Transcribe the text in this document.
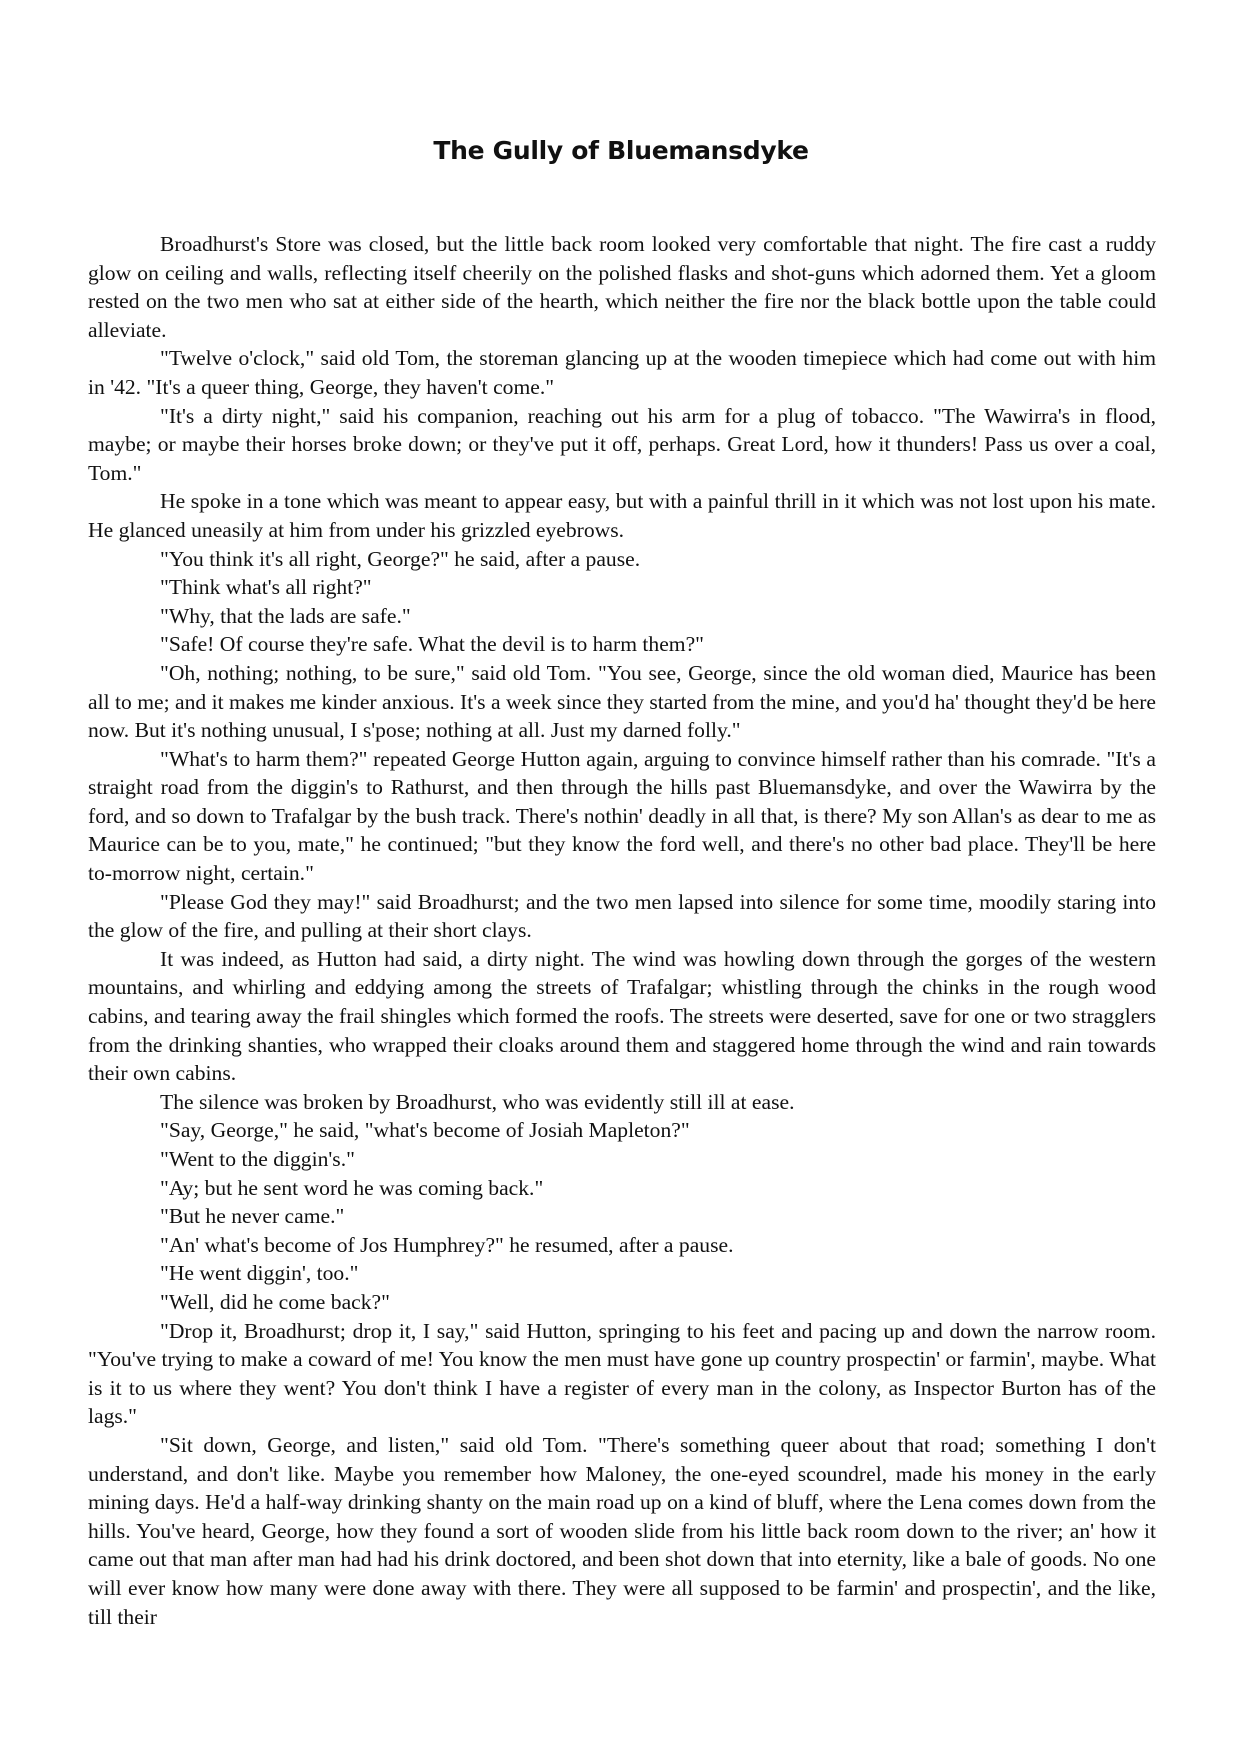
The Gully of Bluemansdyke

Broadhurst's Store was closed, but the little back room looked very comfortable that night. The fire cast a ruddy glow on ceiling and walls, reflecting itself cheerily on the polished flasks and shot-guns which adorned them. Yet a gloom rested on the two men who sat at either side of the hearth, which neither the fire nor the black bottle upon the table could alleviate.

"Twelve o'clock," said old Tom, the storeman glancing up at the wooden timepiece which had come out with him in '42. "It's a queer thing, George, they haven't come."

"It's a dirty night," said his companion, reaching out his arm for a plug of tobacco. "The Wawirra's in flood, maybe; or maybe their horses broke down; or they've put it off, perhaps. Great Lord, how it thunders! Pass us over a coal, Tom."

He spoke in a tone which was meant to appear easy, but with a painful thrill in it which was not lost upon his mate. He glanced uneasily at him from under his grizzled eyebrows.

"You think it's all right, George?" he said, after a pause.

"Think what's all right?"

"Why, that the lads are safe."

"Safe! Of course they're safe. What the devil is to harm them?"

"Oh, nothing; nothing, to be sure," said old Tom. "You see, George, since the old woman died, Maurice has been all to me; and it makes me kinder anxious. It's a week since they started from the mine, and you'd ha' thought they'd be here now. But it's nothing unusual, I s'pose; nothing at all. Just my darned folly."

"What's to harm them?" repeated George Hutton again, arguing to convince himself rather than his comrade. "It's a straight road from the diggin's to Rathurst, and then through the hills past Bluemansdyke, and over the Wawirra by the ford, and so down to Trafalgar by the bush track. There's nothin' deadly in all that, is there? My son Allan's as dear to me as Maurice can be to you, mate," he continued; "but they know the ford well, and there's no other bad place. They'll be here to-morrow night, certain."

"Please God they may!" said Broadhurst; and the two men lapsed into silence for some time, moodily staring into the glow of the fire, and pulling at their short clays.

It was indeed, as Hutton had said, a dirty night. The wind was howling down through the gorges of the western mountains, and whirling and eddying among the streets of Trafalgar; whistling through the chinks in the rough wood cabins, and tearing away the frail shingles which formed the roofs. The streets were deserted, save for one or two stragglers from the drinking shanties, who wrapped their cloaks around them and staggered home through the wind and rain towards their own cabins.

The silence was broken by Broadhurst, who was evidently still ill at ease.

"Say, George," he said, "what's become of Josiah Mapleton?"

"Went to the diggin's."

"Ay; but he sent word he was coming back."

"But he never came."

"An' what's become of Jos Humphrey?" he resumed, after a pause.

"He went diggin', too."

"Well, did he come back?"

"Drop it, Broadhurst; drop it, I say," said Hutton, springing to his feet and pacing up and down the narrow room. "You've trying to make a coward of me! You know the men must have gone up country prospectin' or farmin', maybe. What is it to us where they went? You don't think I have a register of every man in the colony, as Inspector Burton has of the lags."

"Sit down, George, and listen," said old Tom. "There's something queer about that road; something I don't understand, and don't like. Maybe you remember how Maloney, the one-eyed scoundrel, made his money in the early mining days. He'd a half-way drinking shanty on the main road up on a kind of bluff, where the Lena comes down from the hills. You've heard, George, how they found a sort of wooden slide from his little back room down to the river; an' how it came out that man after man had had his drink doctored, and been shot down that into eternity, like a bale of goods. No one will ever know how many were done away with there. They were all supposed to be farmin' and prospectin', and the like, till their
